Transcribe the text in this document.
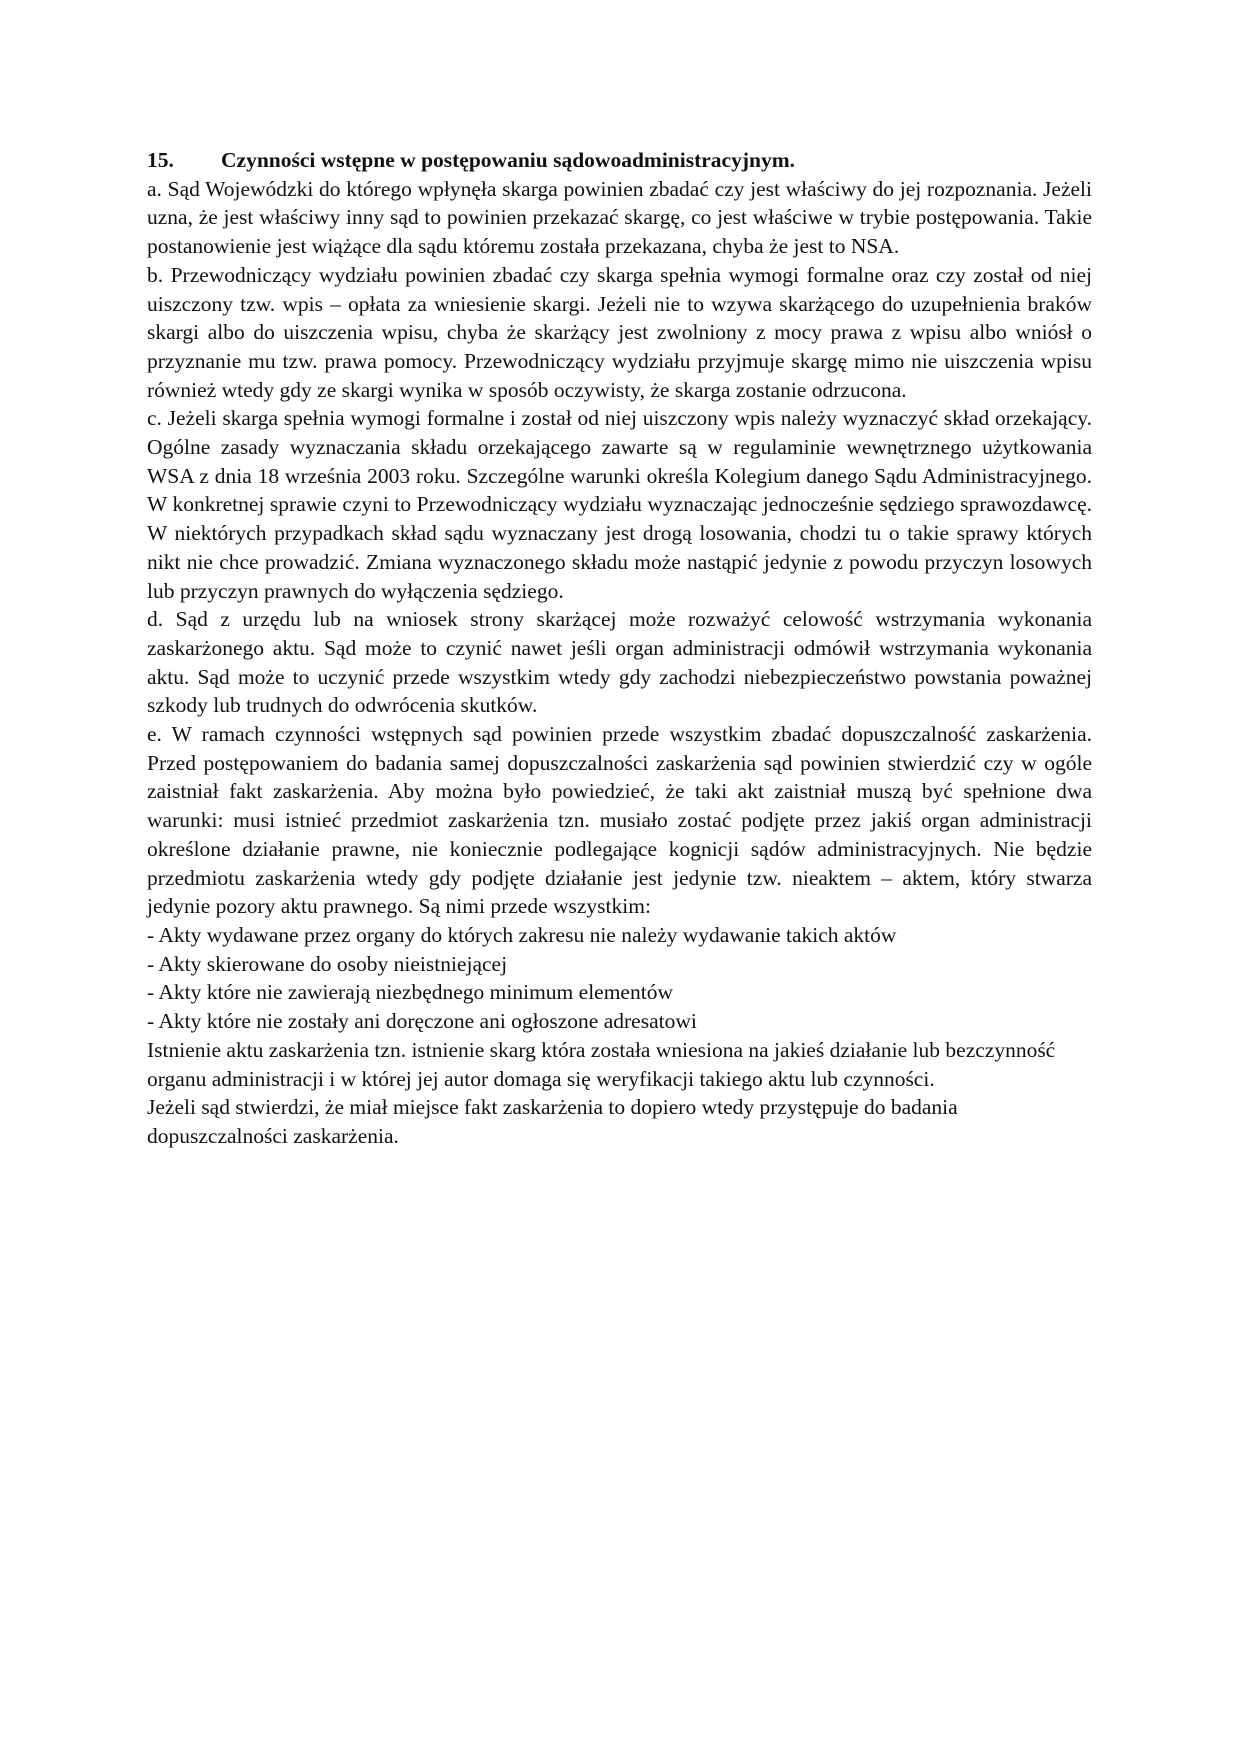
15.	Czynności wstępne w postępowaniu sądowoadministracyjnym.

a. Sąd Wojewódzki do którego wpłynęła skarga powinien zbadać czy jest właściwy do jej rozpoznania. Jeżeli uzna, że jest właściwy inny sąd to powinien przekazać skargę, co jest właściwe w trybie postępowania. Takie postanowienie jest wiążące dla sądu któremu została przekazana, chyba że jest to NSA.

b. Przewodniczący wydziału powinien zbadać czy skarga spełnia wymogi formalne oraz czy został od niej uiszczony tzw. wpis – opłata za wniesienie skargi. Jeżeli nie to wzywa skarżącego do uzupełnienia braków skargi albo do uiszczenia wpisu, chyba że skarżący jest zwolniony z mocy prawa z wpisu albo wniósł o przyznanie mu tzw. prawa pomocy. Przewodniczący wydziału przyjmuje skargę mimo nie uiszczenia wpisu również wtedy gdy ze skargi wynika w sposób oczywisty, że skarga zostanie odrzucona.

c. Jeżeli skarga spełnia wymogi formalne i został od niej uiszczony wpis należy wyznaczyć skład orzekający. Ogólne zasady wyznaczania składu orzekającego zawarte są w regulaminie wewnętrznego użytkowania WSA z dnia 18 września 2003 roku. Szczególne warunki określa Kolegium danego Sądu Administracyjnego. W konkretnej sprawie czyni to Przewodniczący wydziału wyznaczając jednocześnie sędziego sprawozdawcę. W niektórych przypadkach skład sądu wyznaczany jest drogą losowania, chodzi tu o takie sprawy których nikt nie chce prowadzić. Zmiana wyznaczonego składu może nastąpić jedynie z powodu przyczyn losowych lub przyczyn prawnych do wyłączenia sędziego.

d. Sąd z urzędu lub na wniosek strony skarżącej może rozważyć celowość wstrzymania wykonania zaskarżonego aktu. Sąd może to czynić nawet jeśli organ administracji odmówił wstrzymania wykonania aktu. Sąd może to uczynić przede wszystkim wtedy gdy zachodzi niebezpieczeństwo powstania poważnej szkody lub trudnych do odwrócenia skutków.

e. W ramach czynności wstępnych sąd powinien przede wszystkim zbadać dopuszczalność zaskarżenia. Przed postępowaniem do badania samej dopuszczalności zaskarżenia sąd powinien stwierdzić czy w ogóle zaistniał fakt zaskarżenia. Aby można było powiedzieć, że taki akt zaistniał muszą być spełnione dwa warunki: musi istnieć przedmiot zaskarżenia tzn. musiało zostać podjęte przez jakiś organ administracji określone działanie prawne, nie koniecznie podlegające kognicji sądów administracyjnych. Nie będzie przedmiotu zaskarżenia wtedy gdy podjęte działanie jest jedynie tzw. nieaktem – aktem, który stwarza jedynie pozory aktu prawnego. Są nimi przede wszystkim:

- Akty wydawane przez organy do których zakresu nie należy wydawanie takich aktów
- Akty skierowane do osoby nieistniejącej
- Akty które nie zawierają niezbędnego minimum elementów
- Akty które nie zostały ani doręczone ani ogłoszone adresatowi

Istnienie aktu zaskarżenia tzn. istnienie skarg która została wniesiona na jakieś działanie lub bezczynność organu administracji i w której jej autor domaga się weryfikacji takiego aktu lub czynności.

Jeżeli sąd stwierdzi, że miał miejsce fakt zaskarżenia to dopiero wtedy przystępuje do badania dopuszczalności zaskarżenia.
